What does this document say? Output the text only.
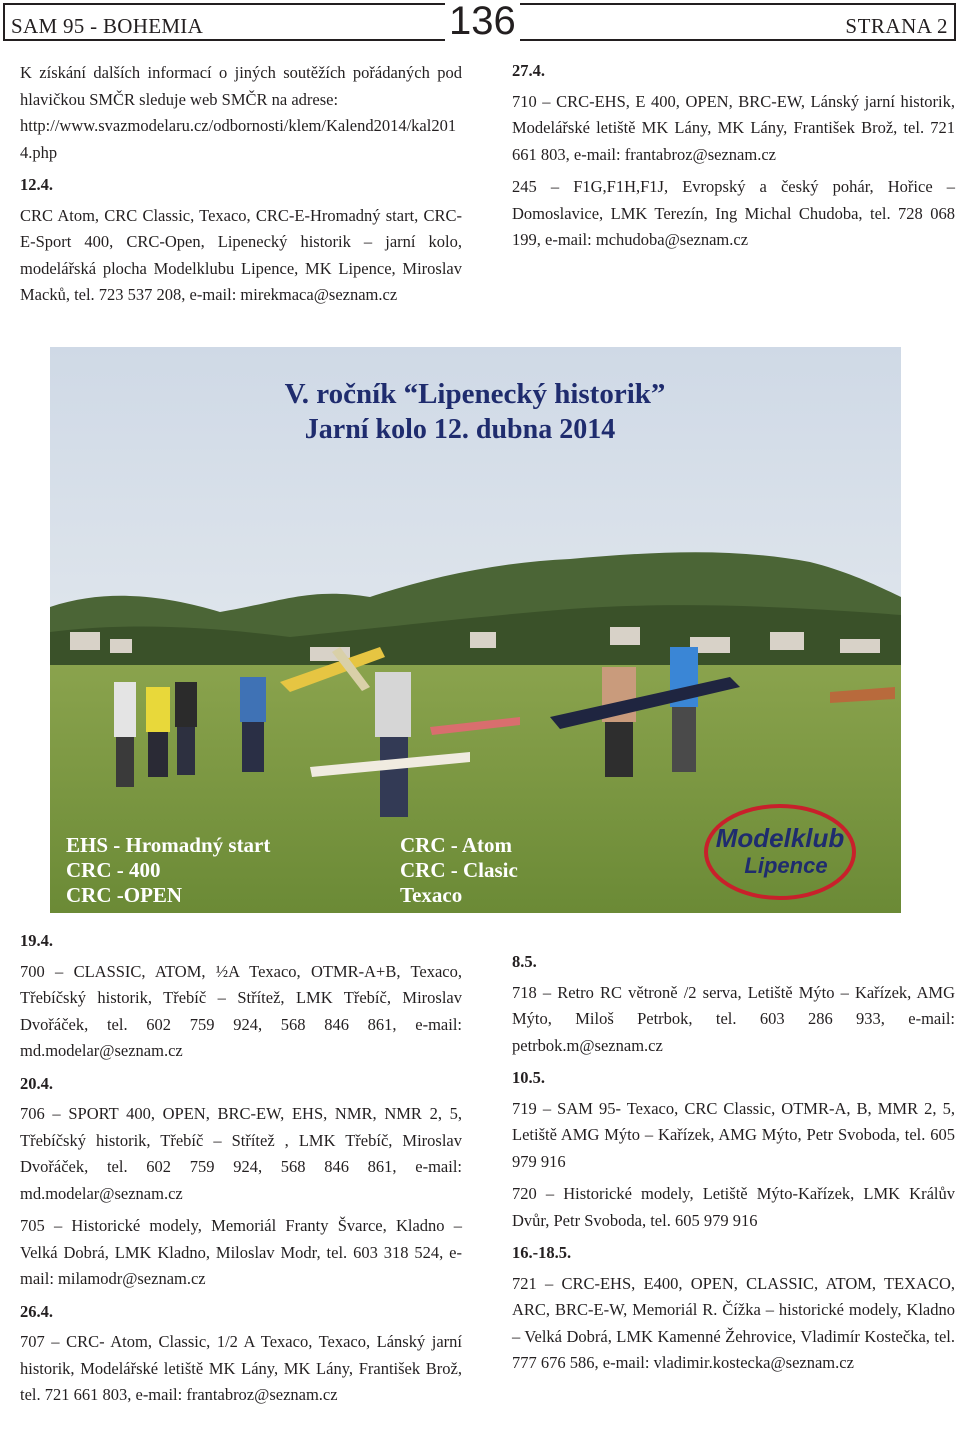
SAM 95 - BOHEMIA	136	STRANA 2

K získání dalších informací o jiných soutěžích pořádaných pod hlavičkou SMČR sleduje web SMČR na adrese:

http://www.svazmodelaru.cz/odbornosti/klem/Kalend2014/kal2014.php

12.4.

CRC Atom, CRC Classic, Texaco, CRC-E-Hromadný start, CRC-E-Sport 400, CRC-Open, Lipenecký historik – jarní kolo, modelářská plocha Modelklubu Lipence, MK Lipence, Miroslav Macků, tel. 723 537 208, e-mail: mirekmaca@seznam.cz

27.4.

710 – CRC-EHS, E 400, OPEN, BRC-EW, Lánský jarní historik, Modelářské letiště MK Lány, MK Lány, František Brož, tel. 721 661 803, e-mail: frantabroz@seznam.cz

245 – F1G,F1H,F1J, Evropský a český pohár, Hořice – Domoslavice, LMK Terezín, Ing Michal Chudoba, tel. 728 068 199, e-mail: mchudoba@seznam.cz

V. ročník “Lipenecký historik”
Jarní kolo 12. dubna 2014
EHS - Hromadný start
CRC - 400
CRC -OPEN
CRC - Atom
CRC - Clasic
Texaco
Modelklub
Lipence

19.4.

700 – CLASSIC, ATOM, ½A Texaco, OTMR-A+B, Texaco, Třebíčský historik, Třebíč – Střítež, LMK Třebíč, Miroslav Dvořáček, tel. 602 759 924, 568 846 861, e-mail: md.modelar@seznam.cz

20.4.

706 – SPORT 400, OPEN, BRC-EW, EHS, NMR, NMR 2, 5, Třebíčský historik, Třebíč – Střítež , LMK Třebíč, Miroslav Dvořáček, tel. 602 759 924, 568 846 861, e-mail: md.modelar@seznam.cz

705 – Historické modely, Memoriál Franty Švarce, Kladno – Velká Dobrá, LMK Kladno, Miloslav Modr, tel. 603 318 524, e-mail: milamodr@seznam.cz

26.4.

707 – CRC- Atom, Classic, 1/2 A Texaco, Texaco, Lánský jarní historik, Modelářské letiště MK Lány, MK Lány, František Brož, tel. 721 661 803, e-mail: frantabroz@seznam.cz

8.5.

718 – Retro RC větroně /2 serva, Letiště Mýto – Kařízek, AMG Mýto, Miloš Petrbok, tel. 603 286 933, e-mail: petrbok.m@seznam.cz

10.5.

719 – SAM 95- Texaco, CRC Classic, OTMR-A, B, MMR 2, 5, Letiště AMG Mýto – Kařízek, AMG Mýto, Petr Svoboda, tel. 605 979 916

720 – Historické modely, Letiště Mýto-Kařízek, LMK Králův Dvůr, Petr Svoboda, tel. 605 979 916

16.-18.5.

721 – CRC-EHS, E400, OPEN, CLASSIC, ATOM, TEXACO, ARC, BRC-E-W, Memoriál R. Čížka – historické modely, Kladno – Velká Dobrá, LMK Kamenné Žehrovice, Vladimír Kostečka, tel. 777 676 586, e-mail: vladimir.kostecka@seznam.cz
